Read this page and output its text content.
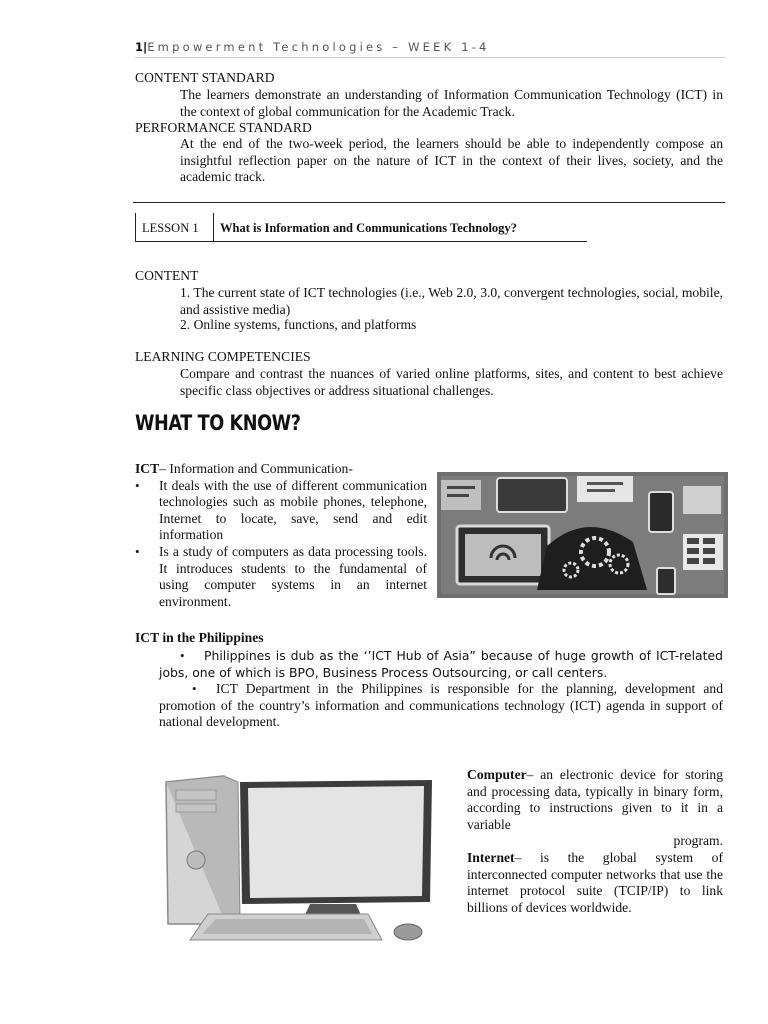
1|Empowerment Technologies – WEEK 1-4
CONTENT STANDARD
The learners demonstrate an understanding of Information Communication Technology (ICT) in the context of global communication for the Academic Track.
PERFORMANCE STANDARD
At the end of the two-week period, the learners should be able to independently compose an insightful reflection paper on the nature of ICT in the context of their lives, society, and the academic track.
LESSON 1 What is Information and Communications Technology?
CONTENT
1. The current state of ICT technologies (i.e., Web 2.0, 3.0, convergent technologies, social, mobile, and assistive media)
2. Online systems, functions, and platforms
LEARNING COMPETENCIES
Compare and contrast the nuances of varied online platforms, sites, and content to best achieve specific class objectives or address situational challenges.
WHAT TO KNOW?
ICT– Information and Communication-
• It deals with the use of different communication technologies such as mobile phones, telephone, Internet to locate, save, send and edit information
• Is a study of computers as data processing tools. It introduces students to the fundamental of using computer systems in an internet environment.
ICT in the Philippines
• Philippines is dub as the ‘’ICT Hub of Asia” because of huge growth of ICT-related jobs, one of which is BPO, Business Process Outsourcing, or call centers.
• ICT Department in the Philippines is responsible for the planning, development and promotion of the country’s information and communications technology (ICT) agenda in support of national development.
Computer– an electronic device for storing and processing data, typically in binary form, according to instructions given to it in a variable
program.
Internet– is the global system of interconnected computer networks that use the internet protocol suite (TCIP/IP) to link billions of devices worldwide.
